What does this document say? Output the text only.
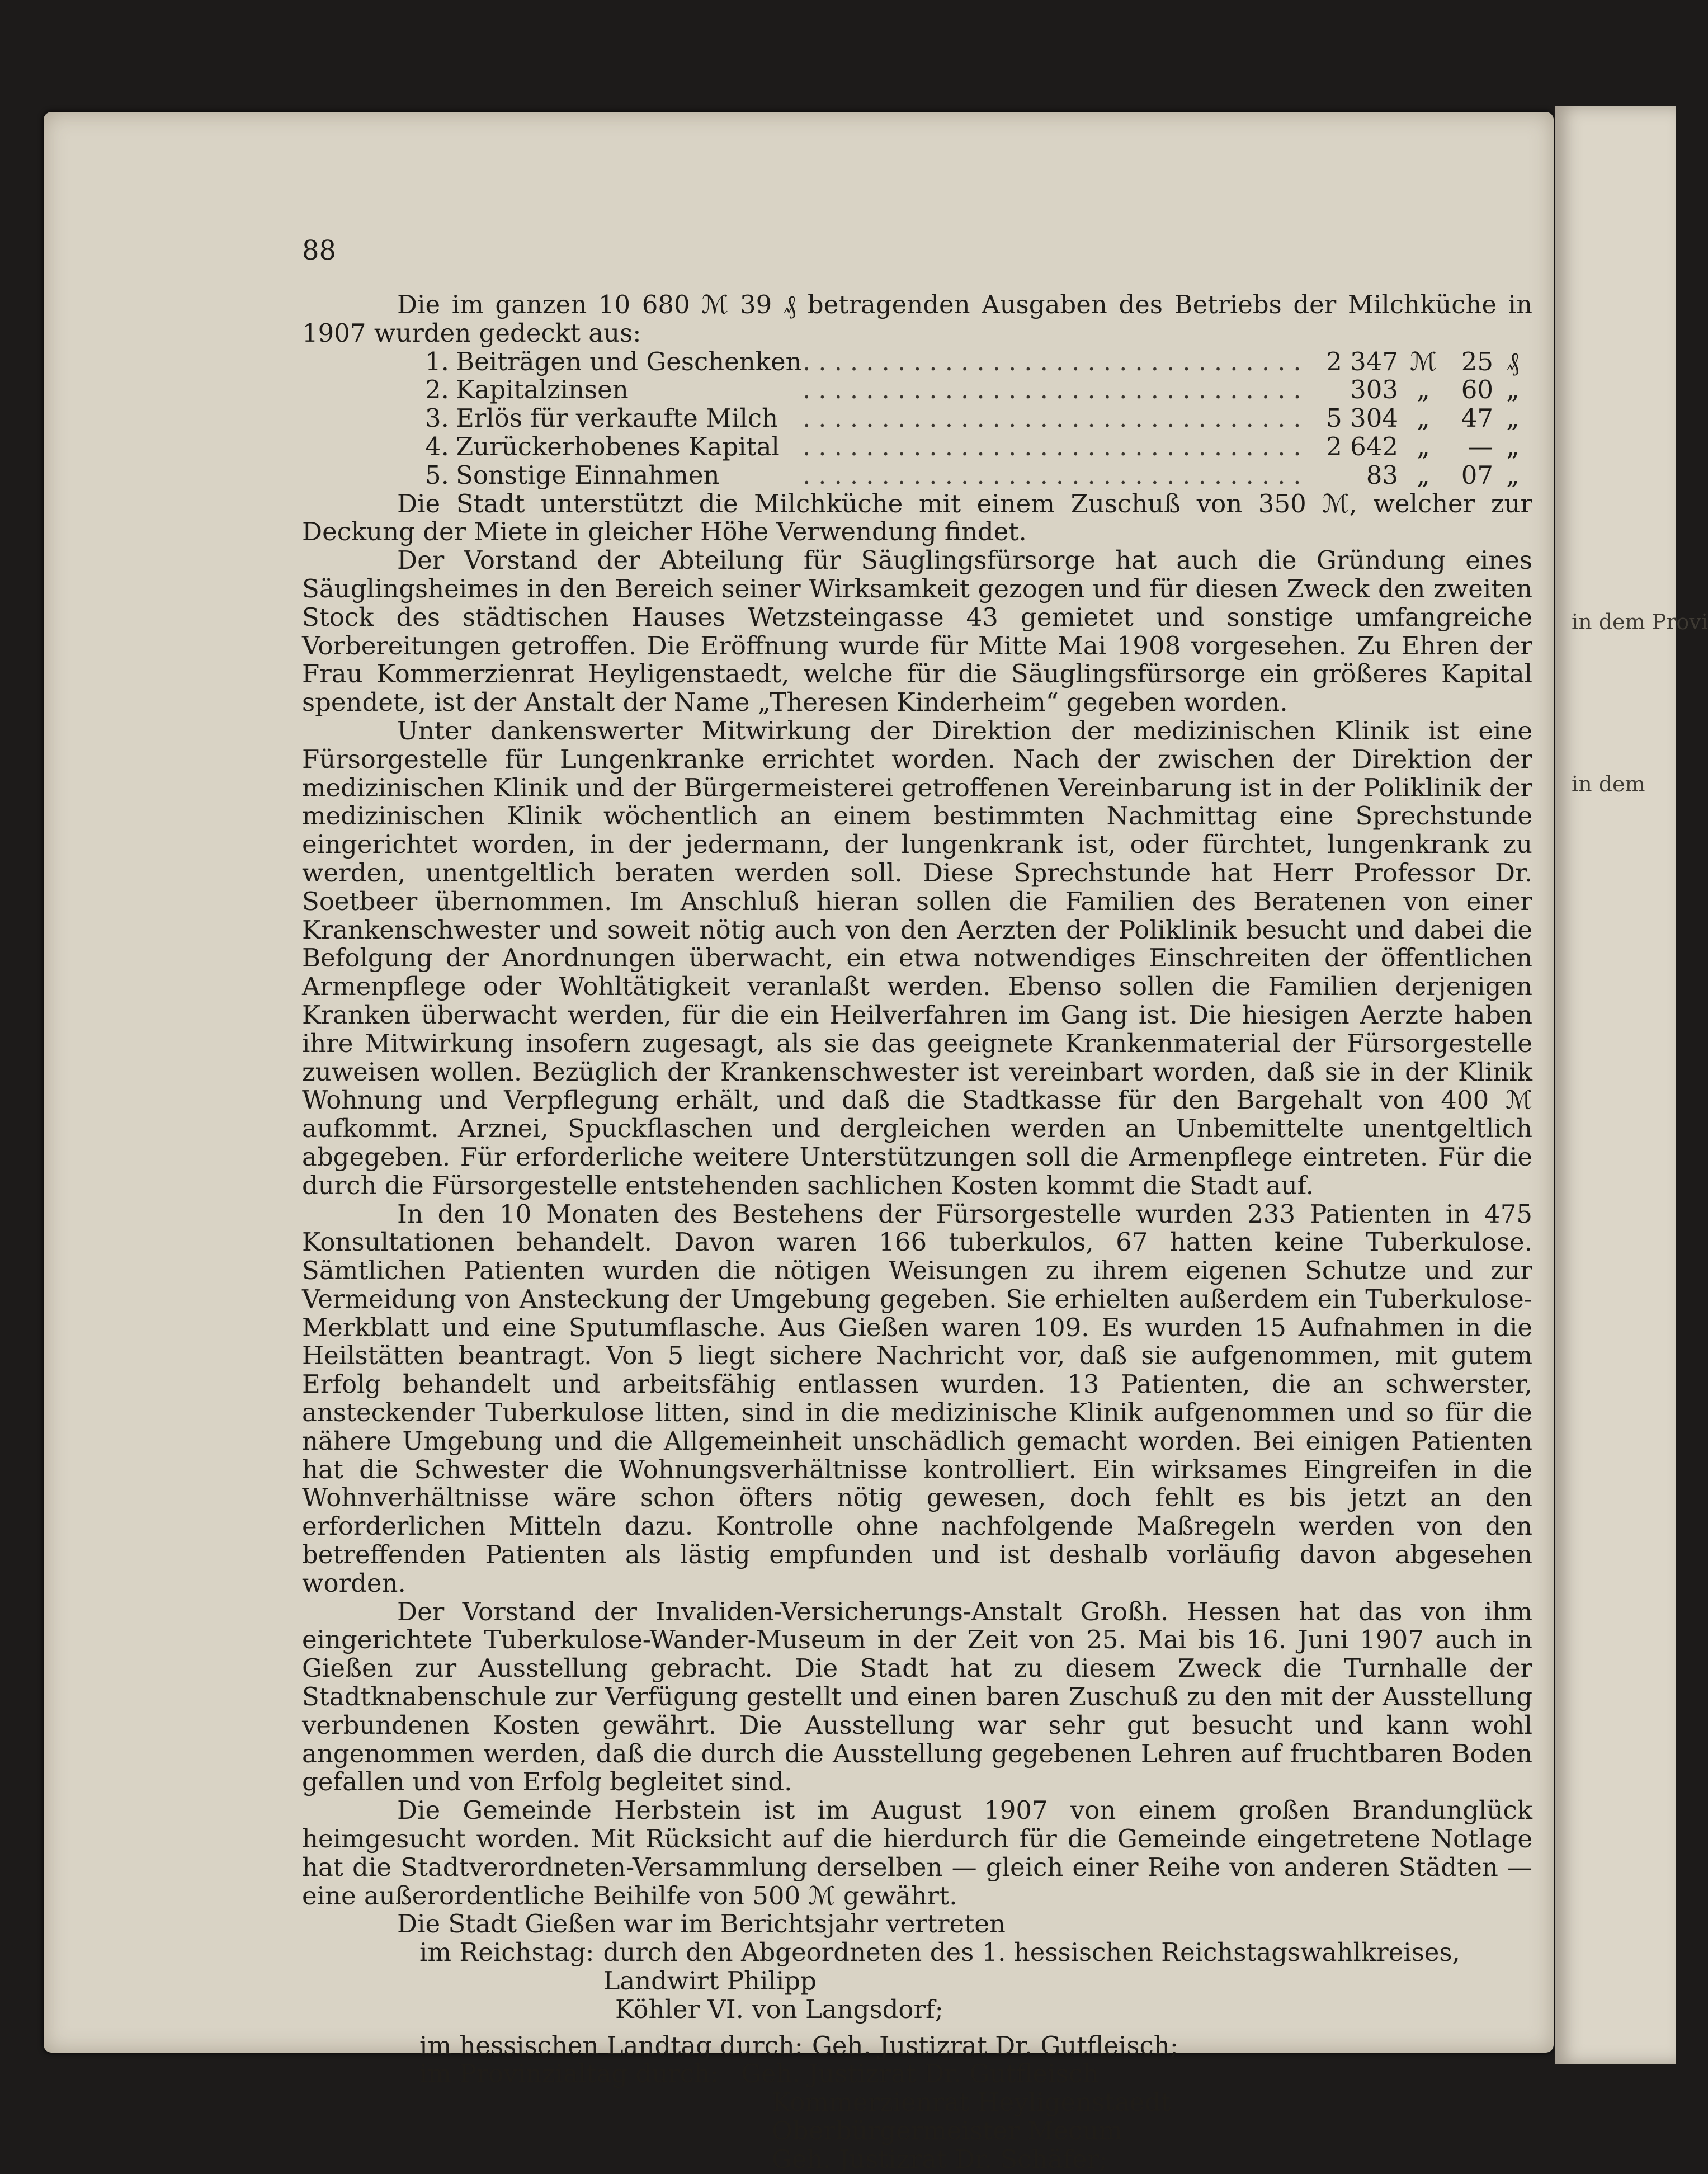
in dem Provi
in dem
88

Die im ganzen 10 680 ℳ 39 ₰ betragenden Ausgaben des Betriebs der Milchküche in 1907 wurden gedeckt aus:

1. Beiträgen und Geschenken ................................ 2 347 ℳ 25 ₰
2. Kapitalzinsen	................................	303 „	60 „
3. Erlös für verkaufte Milch ................................ 5 304 „	47 „
4. Zurückerhobenes Kapital ................................ 2 642 „	— „
5. Sonstige Einnahmen	................................	83 „	07 „

Die Stadt unterstützt die Milchküche mit einem Zuschuß von 350 ℳ, welcher zur Deckung der Miete in gleicher Höhe Verwendung findet.

Der Vorstand der Abteilung für Säuglingsfürsorge hat auch die Gründung eines Säuglingsheimes in den Bereich seiner Wirksamkeit gezogen und für diesen Zweck den zweiten Stock des städtischen Hauses Wetzsteingasse 43 gemietet und sonstige umfangreiche Vorbereitungen getroffen. Die Eröffnung wurde für Mitte Mai 1908 vorgesehen. Zu Ehren der Frau Kommerzienrat Heyligenstaedt, welche für die Säuglingsfürsorge ein größeres Kapital spendete, ist der Anstalt der Name „Theresen Kinderheim“ gegeben worden.

Unter dankenswerter Mitwirkung der Direktion der medizinischen Klinik ist eine Fürsorgestelle für Lungenkranke errichtet worden. Nach der zwischen der Direktion der medizinischen Klinik und der Bürgermeisterei getroffenen Vereinbarung ist in der Poliklinik der medizinischen Klinik wöchentlich an einem bestimmten Nachmittag eine Sprechstunde eingerichtet worden, in der jedermann, der lungenkrank ist, oder fürchtet, lungenkrank zu werden, unentgeltlich beraten werden soll. Diese Sprechstunde hat Herr Professor Dr. Soetbeer übernommen. Im Anschluß hieran sollen die Familien des Beratenen von einer Krankenschwester und soweit nötig auch von den Aerzten der Poliklinik besucht und dabei die Befolgung der Anordnungen überwacht, ein etwa notwendiges Einschreiten der öffentlichen Armenpflege oder Wohltätigkeit veranlaßt werden. Ebenso sollen die Familien derjenigen Kranken überwacht werden, für die ein Heilverfahren im Gang ist. Die hiesigen Aerzte haben ihre Mitwirkung insofern zugesagt, als sie das geeignete Krankenmaterial der Fürsorgestelle zuweisen wollen. Bezüglich der Krankenschwester ist vereinbart worden, daß sie in der Klinik Wohnung und Verpflegung erhält, und daß die Stadtkasse für den Bargehalt von 400 ℳ aufkommt. Arznei, Spuckflaschen und dergleichen werden an Unbemittelte unentgeltlich abgegeben. Für erforderliche weitere Unterstützungen soll die Armenpflege eintreten. Für die durch die Fürsorgestelle entstehenden sachlichen Kosten kommt die Stadt auf.

In den 10 Monaten des Bestehens der Fürsorgestelle wurden 233 Patienten in 475 Konsultationen behandelt. Davon waren 166 tuberkulos, 67 hatten keine Tuberkulose. Sämtlichen Patienten wurden die nötigen Weisungen zu ihrem eigenen Schutze und zur Vermeidung von Ansteckung der Umgebung gegeben. Sie erhielten außerdem ein Tuberkulose-Merkblatt und eine Sputumflasche. Aus Gießen waren 109. Es wurden 15 Aufnahmen in die Heilstätten beantragt. Von 5 liegt sichere Nachricht vor, daß sie aufgenommen, mit gutem Erfolg behandelt und arbeitsfähig entlassen wurden. 13 Patienten, die an schwerster, ansteckender Tuberkulose litten, sind in die medizinische Klinik aufgenommen und so für die nähere Umgebung und die Allgemeinheit unschädlich gemacht worden. Bei einigen Patienten hat die Schwester die Wohnungsverhältnisse kontrolliert. Ein wirksames Eingreifen in die Wohnverhältnisse wäre schon öfters nötig gewesen, doch fehlt es bis jetzt an den erforderlichen Mitteln dazu. Kontrolle ohne nachfolgende Maßregeln werden von den betreffenden Patienten als lästig empfunden und ist deshalb vorläufig davon abgesehen worden.

Der Vorstand der Invaliden-Versicherungs-Anstalt Großh. Hessen hat das von ihm eingerichtete Tuberkulose-Wander-Museum in der Zeit von 25. Mai bis 16. Juni 1907 auch in Gießen zur Ausstellung gebracht. Die Stadt hat zu diesem Zweck die Turnhalle der Stadtknabenschule zur Verfügung gestellt und einen baren Zuschuß zu den mit der Ausstellung verbundenen Kosten gewährt. Die Ausstellung war sehr gut besucht und kann wohl angenommen werden, daß die durch die Ausstellung gegebenen Lehren auf fruchtbaren Boden gefallen und von Erfolg begleitet sind.

Die Gemeinde Herbstein ist im August 1907 von einem großen Brandunglück heimgesucht worden. Mit Rücksicht auf die hierdurch für die Gemeinde eingetretene Notlage hat die Stadtverordneten-Versammlung derselben — gleich einer Reihe von anderen Städten — eine außerordentliche Beihilfe von 500 ℳ gewährt.

Die Stadt Gießen war im Berichtsjahr vertreten
im Reichstag: durch den Abgeordneten des 1. hessischen Reichstagswahlkreises, Landwirt Philipp
Köhler VI. von Langsdorf;
im hessischen Landtag durch: Geh. Justizrat Dr. Gutfleisch;
im Provinzialtag durch: Geh. Justizrat Dr. Gutfleisch
Kommerzienrat Heyligenstaedt
Oberbürgermeister Mecum
Geh. Justizrat Dr. Schäfer;
